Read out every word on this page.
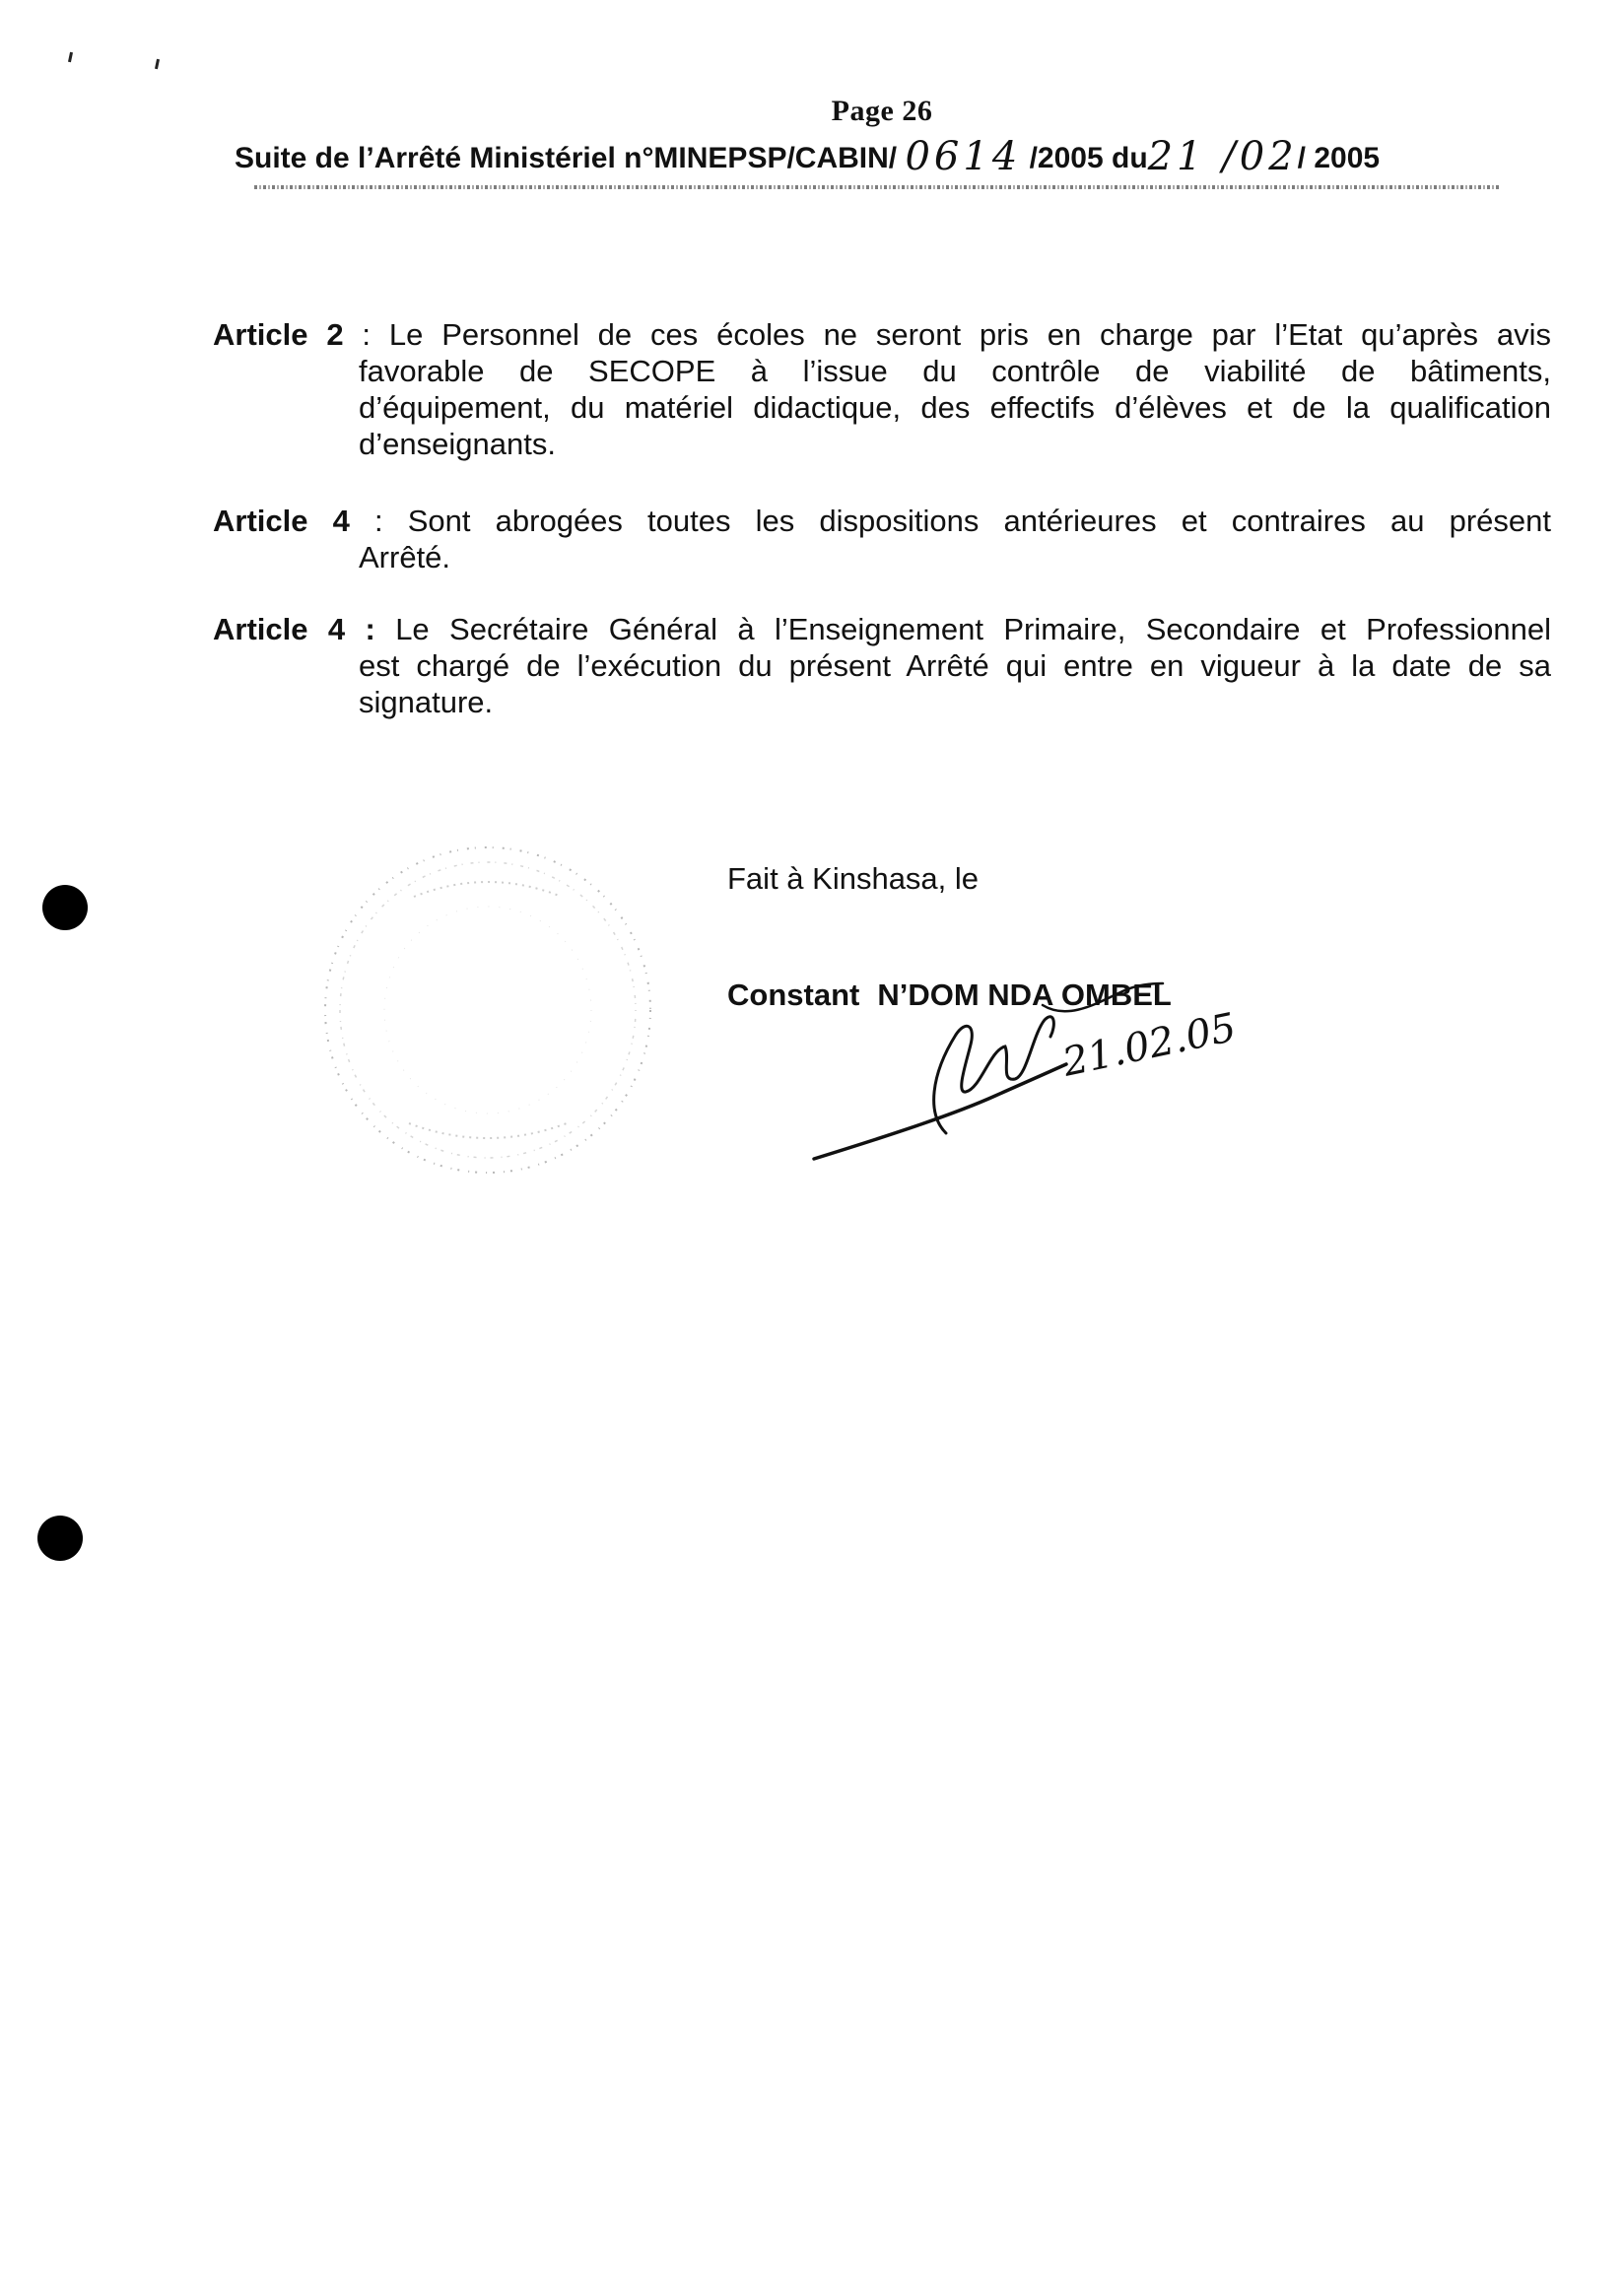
Page 26
Suite de l’Arrêté Ministériel n°MINEPSP/CABIN/ 0614 /2005 du21 /02/ 2005
Article 2 : Le Personnel de ces écoles ne seront pris en charge par l’Etat qu’après avis
favorable de SECOPE à l’issue du contrôle de viabilité de bâtiments,
d’équipement, du matériel didactique, des effectifs d’élèves et de la qualification
d’enseignants.
Article 4 : Sont abrogées toutes les dispositions antérieures et contraires au présent
Arrêté.
Article 4 : Le Secrétaire Général à l’Enseignement Primaire, Secondaire et Professionnel
est chargé de l’exécution du présent Arrêté qui entre en vigueur à la date de sa
signature.
Fait à Kinshasa, le
Constant N’DOM NDA OMBEL
21.02.05
